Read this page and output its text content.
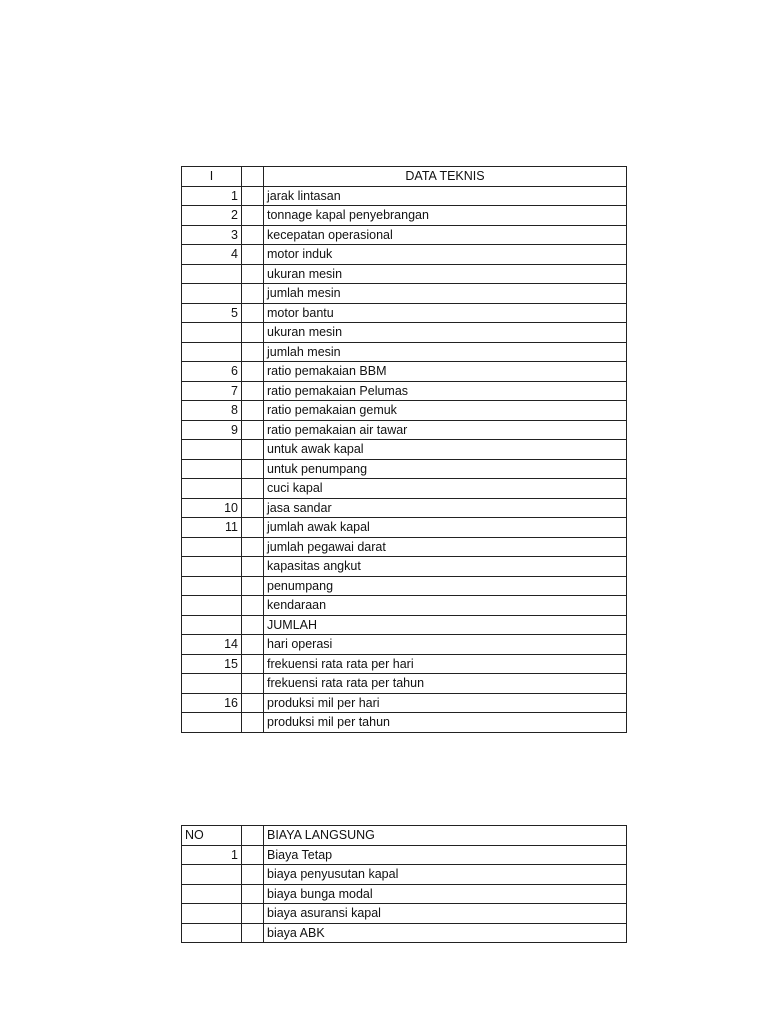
I		DATA TEKNIS
1		jarak lintasan
2		tonnage kapal penyebrangan
3		kecepatan operasional
4		motor induk
		ukuran mesin
		jumlah mesin
5		motor bantu
		ukuran mesin
		jumlah mesin
6		ratio pemakaian BBM
7		ratio pemakaian Pelumas
8		ratio pemakaian gemuk
9		ratio pemakaian air tawar
		untuk awak kapal
		untuk penumpang
		cuci kapal
10		jasa sandar
11		jumlah awak kapal
		jumlah pegawai darat
		kapasitas angkut
		penumpang
		kendaraan
		JUMLAH
14		hari operasi
15		frekuensi rata rata per hari
		frekuensi rata rata per tahun
16		produksi mil per hari
		produksi mil per tahun
NO		BIAYA LANGSUNG
1		Biaya Tetap
		biaya penyusutan kapal
		biaya bunga modal
		biaya asuransi kapal
		biaya ABK
